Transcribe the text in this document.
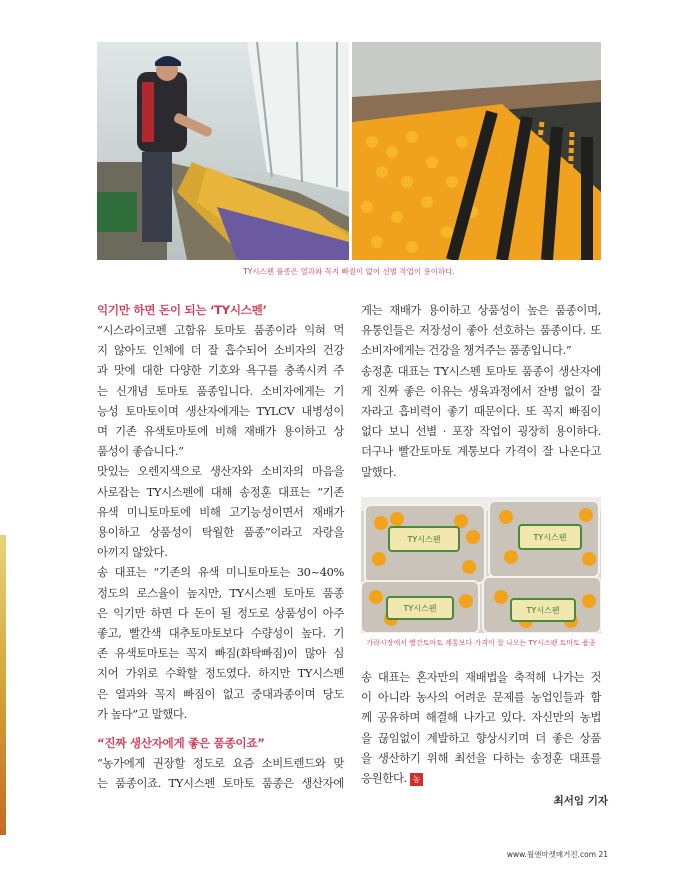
TY시스펜 품종은 열과와 꼭지 빠짐이 없어 선별 작업이 용이하다.
익기만 하면 돈이 되는 ‘TY시스펜’

“시스라이코펜 고함유 토마토 품종이라 익혀 먹
지 않아도 인체에 더 잘 흡수되어 소비자의 건강
과 맛에 대한 다양한 기호와 욕구를 충족시켜 주
는 신개념 토마토 품종입니다. 소비자에게는 기
능성 토마토이며 생산자에게는 TYLCV 내병성이
며 기존 유색토마토에 비해 재배가 용이하고 상
품성이 좋습니다.”

맛있는 오렌지색으로 생산자와 소비자의 마음을
사로잡는 TY시스펜에 대해 송정훈 대표는 “기존
유색 미니토마토에 비해 고기능성이면서 재배가
용이하고 상품성이 탁월한 품종”이라고 자랑을
아끼지 않았다.

송 대표는 “기존의 유색 미니토마토는 30~40%
정도의 로스율이 높지만, TY시스펜 토마토 품종
은 익기만 하면 다 돈이 될 정도로 상품성이 아주
좋고, 빨간색 대추토마토보다 수량성이 높다. 기
존 유색토마토는 꼭지 빠짐(화탁빠짐)이 많아 심
지어 가위로 수확할 정도였다. 하지만 TY시스펜
은 열과와 꼭지 빠짐이 없고 중대과종이며 당도
가 높다”고 말했다.

“진짜 생산자에게 좋은 품종이죠”

“농가에게 권장할 정도로 요즘 소비트렌드와 맞
는 품종이죠. TY시스펜 토마토 품종은 생산자에

게는 재배가 용이하고 상품성이 높은 품종이며,
유통인들은 저장성이 좋아 선호하는 품종이다. 또
소비자에게는 건강을 챙겨주는 품종입니다.”

송정훈 대표는 TY시스펜 토마토 품종이 생산자에
게 진짜 좋은 이유는 생육과정에서 잔병 없이 잘
자라고 흡비력이 좋기 때문이다. 또 꼭지 빠짐이
없다 보니 선별 · 포장 작업이 굉장히 용이하다.
더구나 빨간토마토 계통보다 가격이 잘 나온다고
말했다.

TY시스펜	TY시스펜
TY시스펜	TY시스펜
가락시장에서 빨간토마토 계통보다 가격이 잘 나오는 TY시스펜 토마토 품종

송 대표는 혼자만의 재배법을 축적해 나가는 것
이 아니라 농사의 어려운 문제를 농업인들과 함
께 공유하며 해결해 나가고 있다. 자신만의 농법
을 끊임없이 계발하고 향상시키며 더 좋은 상품
을 생산하기 위해 최선을 다하는 송정훈 대표를
응원한다. 농

최서임 기자
www.월앤마켓매거진.com 21
